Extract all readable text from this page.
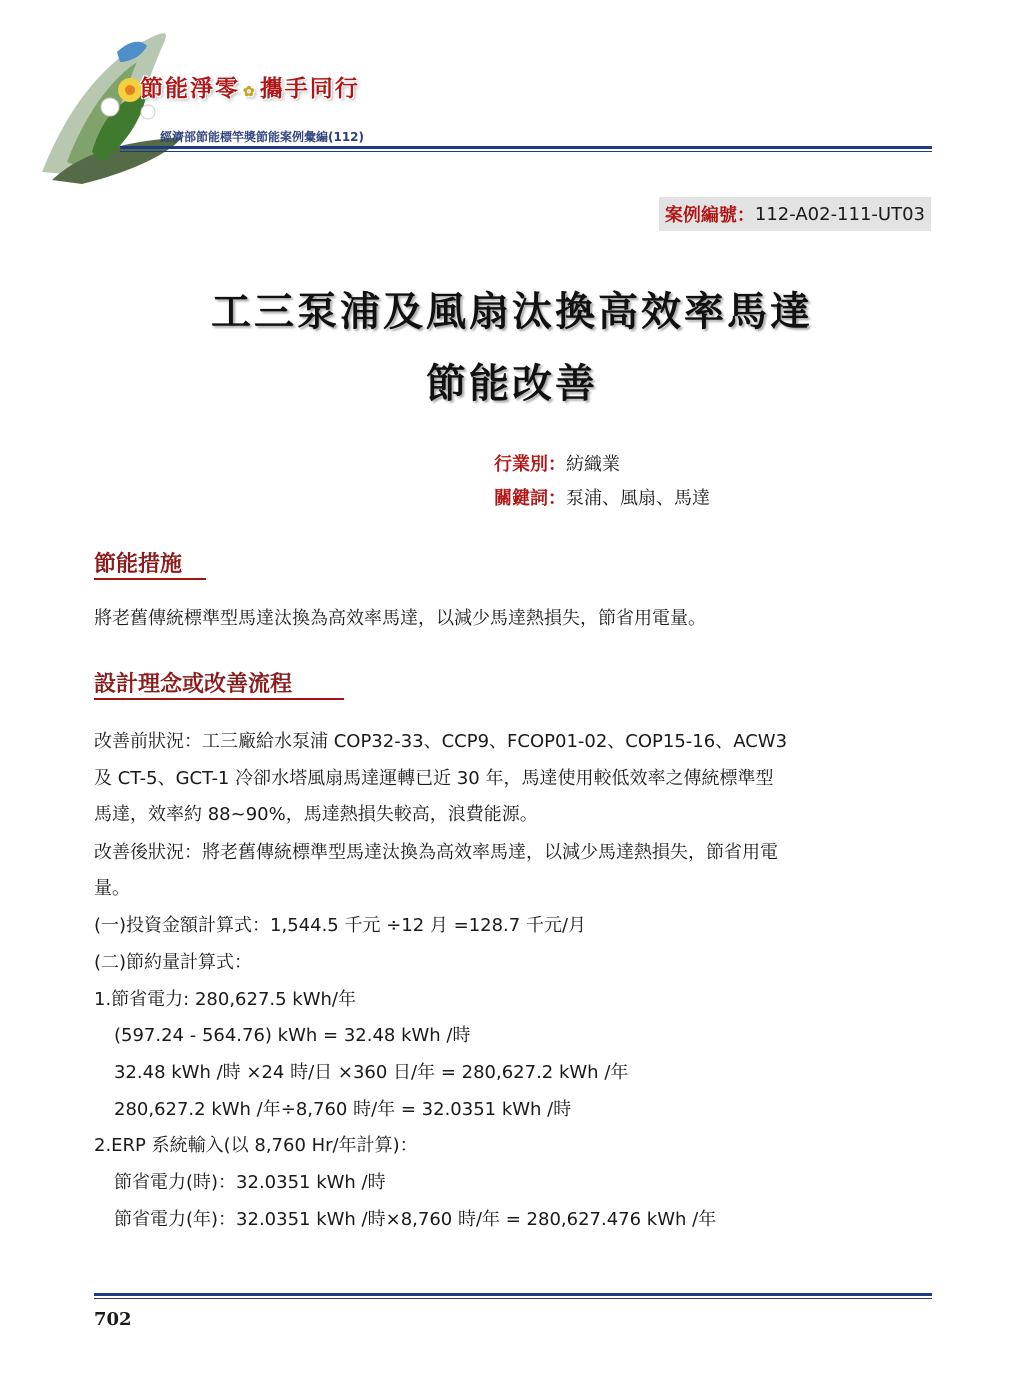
節能淨零 ✿ 攜手同行
經濟部節能標竿獎節能案例彙編(112)
案例編號： 112-A02-111-UT03
工三泵浦及風扇汰換高效率馬達
節能改善
行業別：紡織業
關鍵詞：泵浦、風扇、馬達
節能措施
將老舊傳統標準型馬達汰換為高效率馬達，以減少馬達熱損失，節省用電量。
設計理念或改善流程
改善前狀況：工三廠給水泵浦 COP32-33、CCP9、FCOP01-02、COP15-16、ACW3
及 CT-5、GCT-1 冷卻水塔風扇馬達運轉已近 30 年，馬達使用較低效率之傳統標準型
馬達，效率約 88~90%，馬達熱損失較高，浪費能源。
改善後狀況：將老舊傳統標準型馬達汰換為高效率馬達，以減少馬達熱損失，節省用電
量。
(一)投資金額計算式：1,544.5 千元 ÷12 月 =128.7 千元/月
(二)節約量計算式：
1.節省電力: 280,627.5 kWh/年
(597.24 - 564.76) kWh = 32.48 kWh /時
32.48 kWh /時 ×24 時/日 ×360 日/年 = 280,627.2 kWh /年
280,627.2 kWh /年÷8,760 時/年 = 32.0351 kWh /時
2.ERP 系統輸入(以 8,760 Hr/年計算)：
節省電力(時)：32.0351 kWh /時
節省電力(年)：32.0351 kWh /時×8,760 時/年 = 280,627.476 kWh /年
702
